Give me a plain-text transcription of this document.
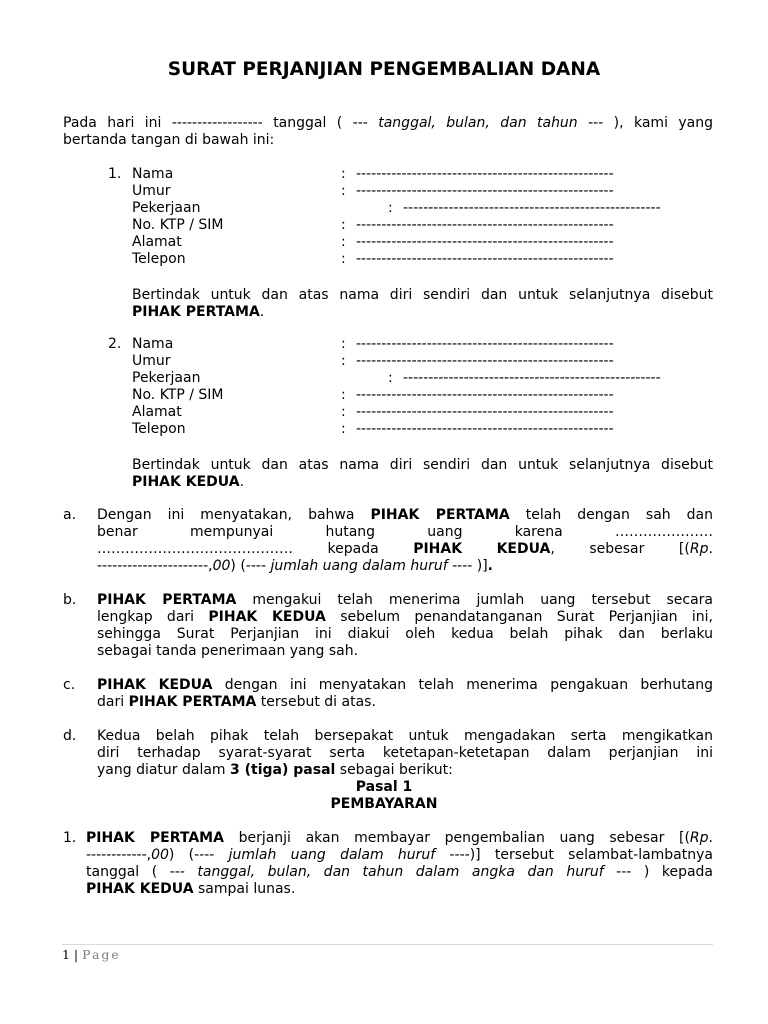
SURAT PERJANJIAN PENGEMBALIAN DANA
Pada hari ini ------------------ tanggal ( --- tanggal, bulan, dan tahun --- ), kami yang
bertanda tangan di bawah ini:
1. Nama	: ---------------------------------------------------
Umur	: ---------------------------------------------------
Pekerjaan	: ---------------------------------------------------
No. KTP / SIM	: ---------------------------------------------------
Alamat	: ---------------------------------------------------
Telepon	: ---------------------------------------------------
Bertindak untuk dan atas nama diri sendiri dan untuk selanjutnya disebut
PIHAK PERTAMA.
2. Nama	: ---------------------------------------------------
Umur	: ---------------------------------------------------
Pekerjaan	: ---------------------------------------------------
No. KTP / SIM	: ---------------------------------------------------
Alamat	: ---------------------------------------------------
Telepon	: ---------------------------------------------------
Bertindak untuk dan atas nama diri sendiri dan untuk selanjutnya disebut
PIHAK KEDUA.
a. Dengan ini menyatakan, bahwa PIHAK PERTAMA telah dengan sah dan
benar	mempunyai	hutang	uang	karena	…………………
…………………………………… kepada PIHAK KEDUA, sebesar [(Rp.
----------------------,00) (---- jumlah uang dalam huruf ---- )].
b. PIHAK PERTAMA mengakui telah menerima jumlah uang tersebut secara
lengkap dari PIHAK KEDUA sebelum penandatanganan Surat Perjanjian ini,
sehingga Surat Perjanjian ini diakui oleh kedua belah pihak dan berlaku
sebagai tanda penerimaan yang sah.
c. PIHAK KEDUA dengan ini menyatakan telah menerima pengakuan berhutang
dari PIHAK PERTAMA tersebut di atas.
d. Kedua belah pihak telah bersepakat untuk mengadakan serta mengikatkan
diri terhadap syarat-syarat serta ketetapan-ketetapan dalam perjanjian ini
yang diatur dalam 3 (tiga) pasal sebagai berikut:
Pasal 1
PEMBAYARAN
1. PIHAK PERTAMA berjanji akan membayar pengembalian uang sebesar [(Rp.
------------,00) (---- jumlah uang dalam huruf ----)] tersebut selambat-lambatnya
tanggal ( --- tanggal, bulan, dan tahun dalam angka dan huruf --- ) kepada
PIHAK KEDUA sampai lunas.
1 | Page
